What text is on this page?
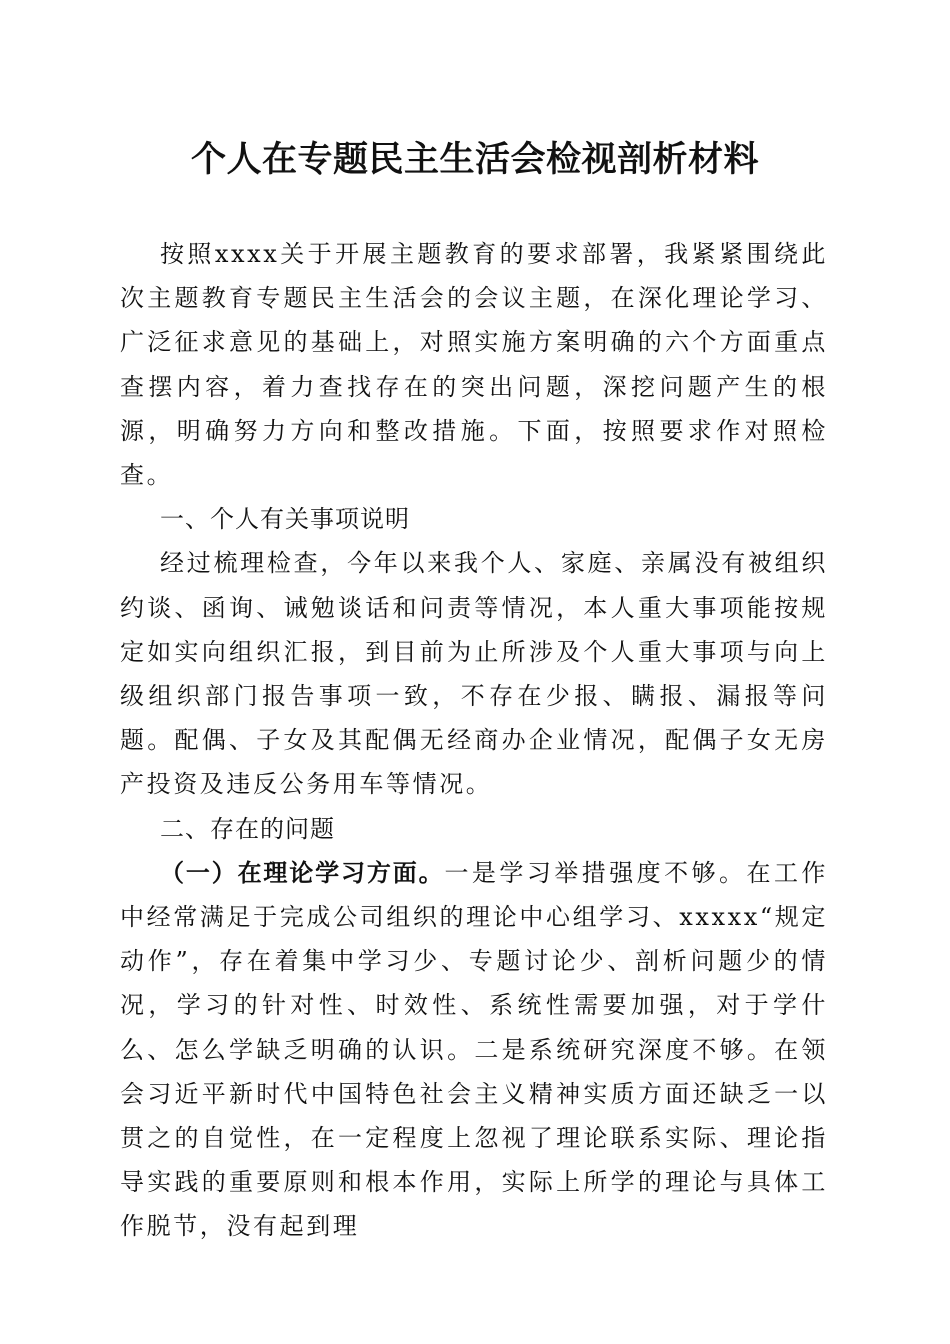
个人在专题民主生活会检视剖析材料

按照xxxx关于开展主题教育的要求部署，我紧紧围绕此次主题教育专题民主生活会的会议主题，在深化理论学习、广泛征求意见的基础上，对照实施方案明确的六个方面重点查摆内容，着力查找存在的突出问题，深挖问题产生的根源，明确努力方向和整改措施。下面，按照要求作对照检查。

一、个人有关事项说明

经过梳理检查，今年以来我个人、家庭、亲属没有被组织约谈、函询、诫勉谈话和问责等情况，本人重大事项能按规定如实向组织汇报，到目前为止所涉及个人重大事项与向上级组织部门报告事项一致，不存在少报、瞒报、漏报等问题。配偶、子女及其配偶无经商办企业情况，配偶子女无房产投资及违反公务用车等情况。

二、存在的问题

（一）在理论学习方面。一是学习举措强度不够。在工作中经常满足于完成公司组织的理论中心组学习、xxxxx“规定动作”，存在着集中学习少、专题讨论少、剖析问题少的情况，学习的针对性、时效性、系统性需要加强，对于学什么、怎么学缺乏明确的认识。二是系统研究深度不够。在领会习近平新时代中国特色社会主义精神实质方面还缺乏一以贯之的自觉性，在一定程度上忽视了理论联系实际、理论指导实践的重要原则和根本作用，实际上所学的理论与具体工作脱节，没有起到理
